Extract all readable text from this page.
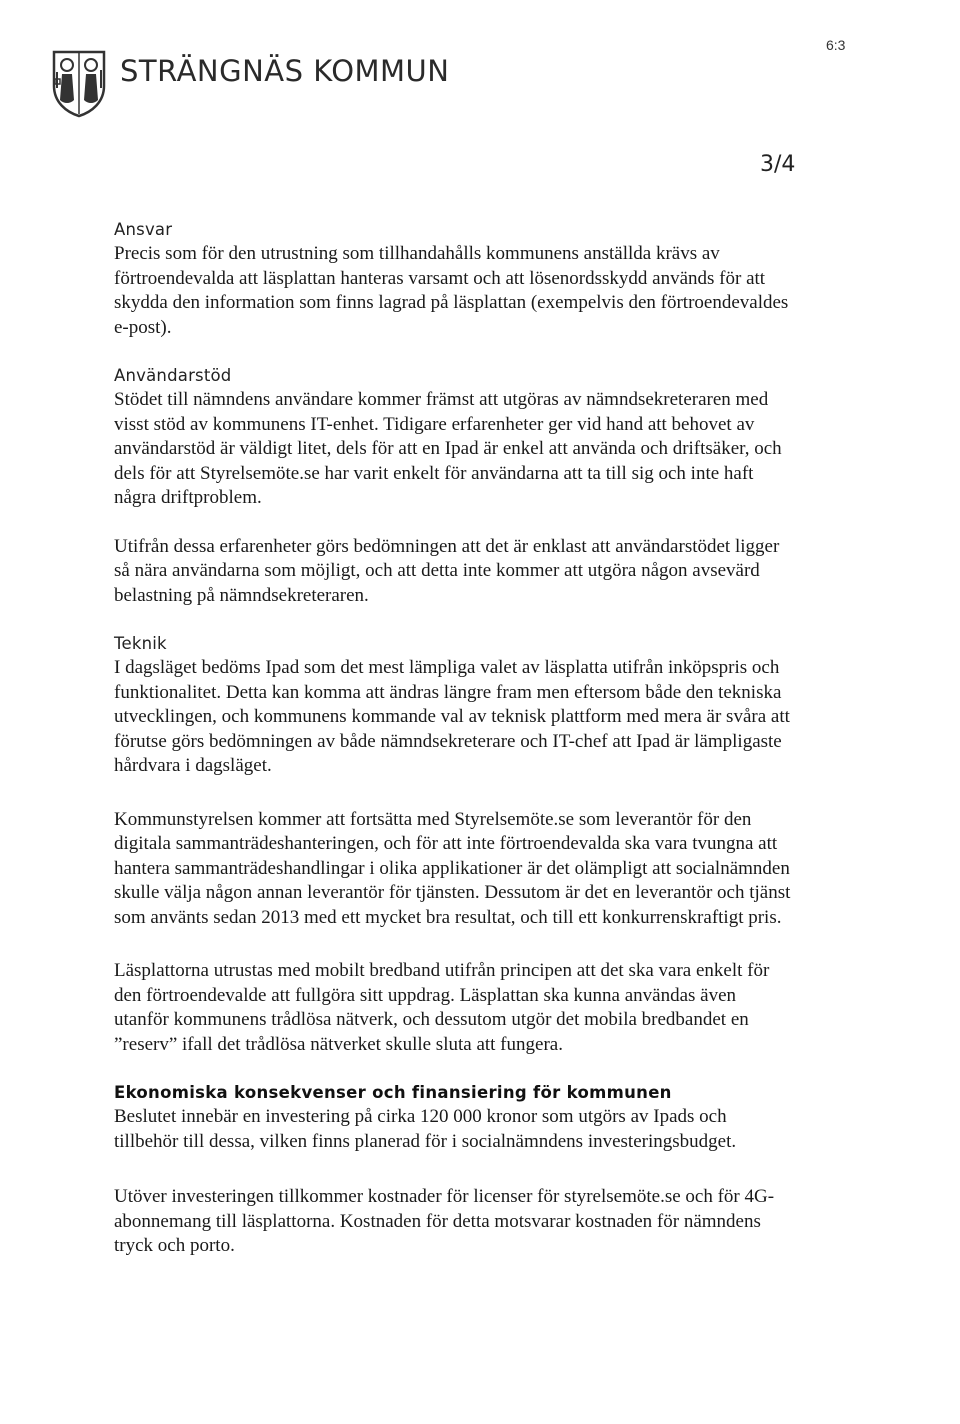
STRÄNGNÄS KOMMUN
6:3
3/4
Ansvar

Precis som för den utrustning som tillhandahålls kommunens anställda krävs av förtroendevalda att läsplattan hanteras varsamt och att lösenordsskydd används för att skydda den information som finns lagrad på läsplattan (exempelvis den förtroendevaldes e-post).

Användarstöd

Stödet till nämndens användare kommer främst att utgöras av nämndsekreteraren med visst stöd av kommunens IT-enhet. Tidigare erfarenheter ger vid hand att behovet av användarstöd är väldigt litet, dels för att en Ipad är enkel att använda och driftsäker, och dels för att Styrelsemöte.se har varit enkelt för användarna att ta till sig och inte haft några driftproblem.

Utifrån dessa erfarenheter görs bedömningen att det är enklast att användarstödet ligger så nära användarna som möjligt, och att detta inte kommer att utgöra någon avsevärd belastning på nämndsekreteraren.

Teknik

I dagsläget bedöms Ipad som det mest lämpliga valet av läsplatta utifrån inköpspris och funktionalitet. Detta kan komma att ändras längre fram men eftersom både den tekniska utvecklingen, och kommunens kommande val av teknisk plattform med mera är svåra att förutse görs bedömningen av både nämndsekreterare och IT-chef att Ipad är lämpligaste hårdvara i dagsläget.

Kommunstyrelsen kommer att fortsätta med Styrelsemöte.se som leverantör för den digitala sammanträdeshanteringen, och för att inte förtroendevalda ska vara tvungna att hantera sammanträdeshandlingar i olika applikationer är det olämpligt att socialnämnden skulle välja någon annan leverantör för tjänsten. Dessutom är det en leverantör och tjänst som använts sedan 2013 med ett mycket bra resultat, och till ett konkurrenskraftigt pris.

Läsplattorna utrustas med mobilt bredband utifrån principen att det ska vara enkelt för den förtroendevalde att fullgöra sitt uppdrag. Läsplattan ska kunna användas även utanför kommunens trådlösa nätverk, och dessutom utgör det mobila bredbandet en ”reserv” ifall det trådlösa nätverket skulle sluta att fungera.

Ekonomiska konsekvenser och finansiering för kommunen

Beslutet innebär en investering på cirka 120 000 kronor som utgörs av Ipads och tillbehör till dessa, vilken finns planerad för i socialnämndens investeringsbudget.

Utöver investeringen tillkommer kostnader för licenser för styrelsemöte.se och för 4G-abonnemang till läsplattorna. Kostnaden för detta motsvarar kostnaden för nämndens tryck och porto.
